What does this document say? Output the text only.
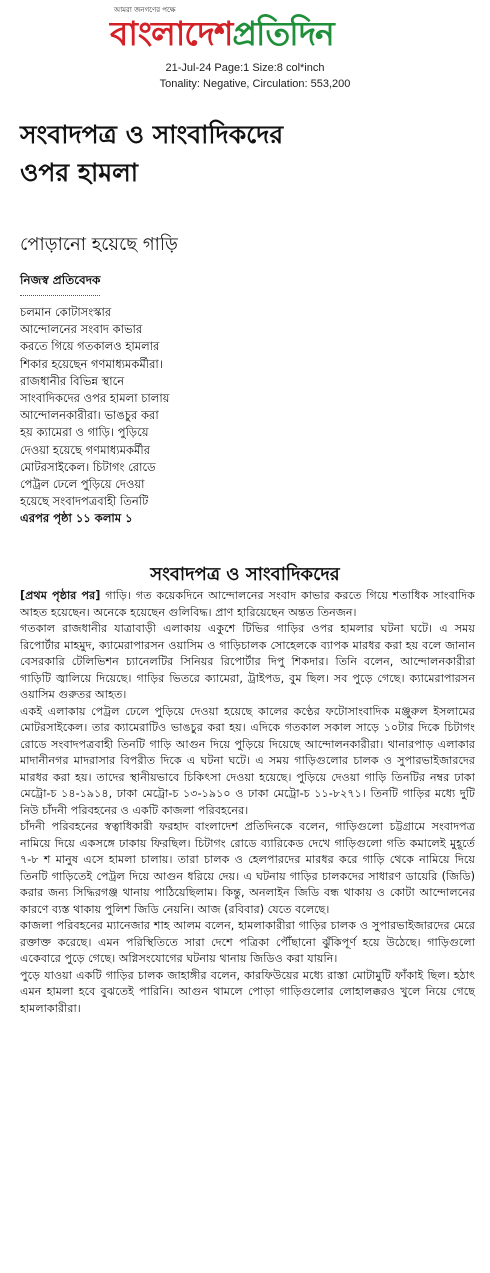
আমরা জনগণের পক্ষে
বাংলাদেশপ্রতিদিন
21-Jul-24 Page:1 Size:8 col*inch
Tonality: Negative, Circulation: 553,200
সংবাদপত্র ও সাংবাদিকদের ওপর হামলা
পোড়ানো হয়েছে গাড়ি
নিজস্ব প্রতিবেদক
চলমান কোটাসংস্কার
আন্দোলনের সংবাদ কাভার
করতে গিয়ে গতকালও হামলার
শিকার হয়েছেন গণমাধ্যমকর্মীরা।
রাজধানীর বিভিন্ন স্থানে
সাংবাদিকদের ওপর হামলা চালায়
আন্দোলনকারীরা। ভাঙচুর করা
হয় ক্যামেরা ও গাড়ি। পুড়িয়ে
দেওয়া হয়েছে গণমাধ্যমকর্মীর
মোটরসাইকেল। চিটাগং রোডে
পেট্রল ঢেলে পুড়িয়ে দেওয়া
হয়েছে সংবাদপত্রবাহী তিনটি
এরপর পৃষ্ঠা ১১ কলাম ১
সংবাদপত্র ও সাংবাদিকদের

[প্রথম পৃষ্ঠার পর] গাড়ি। গত কয়েকদিনে আন্দোলনের সংবাদ কাভার করতে গিয়ে শতাধিক সাংবাদিক আহত হয়েছেন। অনেকে হয়েছেন গুলিবিদ্ধ। প্রাণ হারিয়েছেন অন্তত তিনজন।

গতকাল রাজধানীর যাত্রাবাড়ী এলাকায় একুশে টিভির গাড়ির ওপর হামলার ঘটনা ঘটে। এ সময় রিপোর্টার মাহমুদ, ক্যামেরাপারসন ওয়াসিম ও গাড়িচালক সোহেলকে ব্যাপক মারধর করা হয় বলে জানান বেসরকারি টেলিভিশন চ্যানেলটির সিনিয়র রিপোর্টার দিপু শিকদার। তিনি বলেন, আন্দোলনকারীরা গাড়িটি জ্বালিয়ে দিয়েছে। গাড়ির ভিতরে ক্যামেরা, ট্রাইপড, বুম ছিল। সব পুড়ে গেছে। ক্যামেরাপারসন ওয়াসিম গুরুতর আহত।

একই এলাকায় পেট্রল ঢেলে পুড়িয়ে দেওয়া হয়েছে কালের কণ্ঠের ফটোসাংবাদিক মঞ্জুরুল ইসলামের মোটরসাইকেল। তার ক্যামেরাটিও ভাঙচুর করা হয়। এদিকে গতকাল সকাল সাড়ে ১০টার দিকে চিটাগং রোডে সংবাদপত্রবাহী তিনটি গাড়ি আগুন দিয়ে পুড়িয়ে দিয়েছে আন্দোলনকারীরা। থানারপাড় এলাকার মাদানীনগর মাদরাসার বিপরীত দিকে এ ঘটনা ঘটে। এ সময় গাড়িগুলোর চালক ও সুপারভাইজারদের মারধর করা হয়। তাদের স্থানীয়ভাবে চিকিৎসা দেওয়া হয়েছে। পুড়িয়ে দেওয়া গাড়ি তিনটির নম্বর ঢাকা মেট্রো-চ ১৪-১৯১৪, ঢাকা মেট্রো-চ ১৩-১৯১০ ও ঢাকা মেট্রো-চ ১১-৮২৭১। তিনটি গাড়ির মধ্যে দুটি নিউ চাঁদনী পরিবহনের ও একটি কাজলা পরিবহনের।

চাঁদনী পরিবহনের স্বত্বাধিকারী ফরহাদ বাংলাদেশ প্রতিদিনকে বলেন, গাড়িগুলো চট্টগ্রামে সংবাদপত্র নামিয়ে দিয়ে একসঙ্গে ঢাকায় ফিরছিল। চিটাগং রোডে ব্যারিকেড দেখে গাড়িগুলো গতি কমালেই মুহূর্তে ৭-৮ শ মানুষ এসে হামলা চালায়। তারা চালক ও হেলপারদের মারধর করে গাড়ি থেকে নামিয়ে দিয়ে তিনটি গাড়িতেই পেট্রল দিয়ে আগুন ধরিয়ে দেয়। এ ঘটনায় গাড়ির চালকদের সাধারণ ডায়েরি (জিডি) করার জন্য সিদ্ধিরগঞ্জ থানায় পাঠিয়েছিলাম। কিন্তু, অনলাইন জিডি বন্ধ থাকায় ও কোটা আন্দোলনের কারণে ব্যস্ত থাকায় পুলিশ জিডি নেয়নি। আজ (রবিবার) যেতে বলেছে।

কাজলা পরিবহনের ম্যানেজার শাহ আলম বলেন, হামলাকারীরা গাড়ির চালক ও সুপারভাইজারদের মেরে রক্তাক্ত করেছে। এমন পরিস্থিতিতে সারা দেশে পত্রিকা পৌঁছানো ঝুঁকিপূর্ণ হয়ে উঠেছে। গাড়িগুলো একেবারে পুড়ে গেছে। অগ্নিসংযোগের ঘটনায় থানায় জিডিও করা যায়নি।

পুড়ে যাওয়া একটি গাড়ির চালক জাহাঙ্গীর বলেন, কারফিউয়ের মধ্যে রাস্তা মোটামুটি ফাঁকাই ছিল। হঠাৎ এমন হামলা হবে বুঝতেই পারিনি। আগুন থামলে পোড়া গাড়িগুলোর লোহালক্করও খুলে নিয়ে গেছে হামলাকারীরা।
